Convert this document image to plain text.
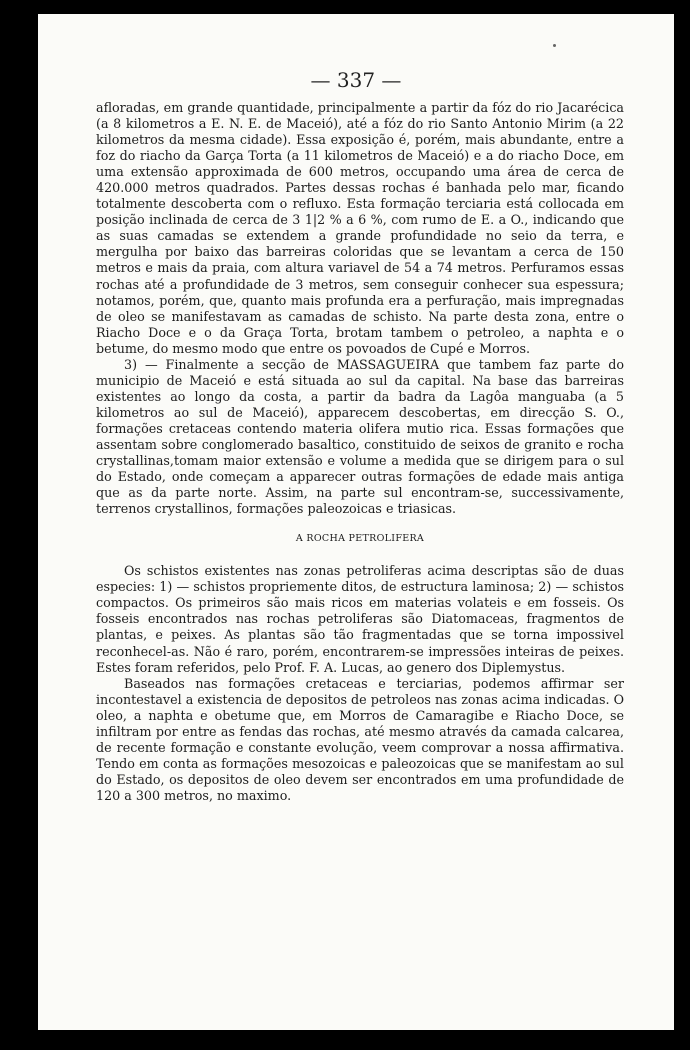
— 337 —

afloradas, em grande quantidade, principalmente a partir da fóz do rio Jacarécica (a 8 kilometros a E. N. E. de Maceió), até a fóz do rio Santo Antonio Mirim (a 22 kilometros da mesma cidade). Essa exposição é, porém, mais abundante, entre a foz do riacho da Garça Torta (a 11 kilometros de Maceió) e a do riacho Doce, em uma extensão approximada de 600 metros, occupando uma área de cerca de 420.000 metros quadrados. Partes dessas rochas é banhada pelo mar, ficando totalmente descoberta com o refluxo. Esta formação terciaria está collocada em posição inclinada de cerca de 3 1|2 % a 6 %, com rumo de E. a O., indicando que as suas camadas se extendem a grande profundidade no seio da terra, e mergulha por baixo das barreiras coloridas que se levantam a cerca de 150 metros e mais da praia, com altura variavel de 54 a 74 metros. Perfuramos essas rochas até a profundidade de 3 metros, sem conseguir conhecer sua espessura; notamos, porém, que, quanto mais profunda era a perfuração, mais impregnadas de oleo se manifestavam as camadas de schisto. Na parte desta zona, entre o Riacho Doce e o da Graça Torta, brotam tambem o petroleo, a naphta e o betume, do mesmo modo que entre os povoados de Cupé e Morros.

3) — Finalmente a secção de MASSAGUEIRA que tambem faz parte do municipio de Maceió e está situada ao sul da capital. Na base das barreiras existentes ao longo da costa, a partir da badra da Lagôa manguaba (a 5 kilometros ao sul de Maceió), apparecem descobertas, em direcção S. O., formações cretaceas contendo materia olifera mutio rica. Essas formações que assentam sobre conglomerado basaltico, constituido de seixos de granito e rocha crystallinas,tomam maior extensão e volume a medida que se dirigem para o sul do Estado, onde começam a apparecer outras formações de edade mais antiga que as da parte norte. Assim, na parte sul encontram-se, successivamente, terrenos crystallinos, formações paleozoicas e triasicas.

A ROCHA PETROLIFERA

Os schistos existentes nas zonas petroliferas acima descriptas são de duas especies: 1) — schistos propriemente ditos, de estructura laminosa; 2) — schistos compactos. Os primeiros são mais ricos em materias volateis e em fosseis. Os fosseis encontrados nas rochas petroliferas são Diatomaceas, fragmentos de plantas, e peixes. As plantas são tão fragmentadas que se torna impossivel reconhecel-as. Não é raro, porém, encontrarem-se impressões inteiras de peixes. Estes foram referidos, pelo Prof. F. A. Lucas, ao genero dos Diplemystus.

Baseados nas formações cretaceas e terciarias, podemos affirmar ser incontestavel a existencia de depositos de petroleos nas zonas acima indicadas. O oleo, a naphta e obetume que, em Morros de Camaragibe e Riacho Doce, se infiltram por entre as fendas das rochas, até mesmo através da camada calcarea, de recente formação e constante evolução, veem comprovar a nossa affirmativa. Tendo em conta as formações mesozoicas e paleozoicas que se manifestam ao sul do Estado, os depositos de oleo devem ser encontrados em uma profundidade de 120 a 300 metros, no maximo.
